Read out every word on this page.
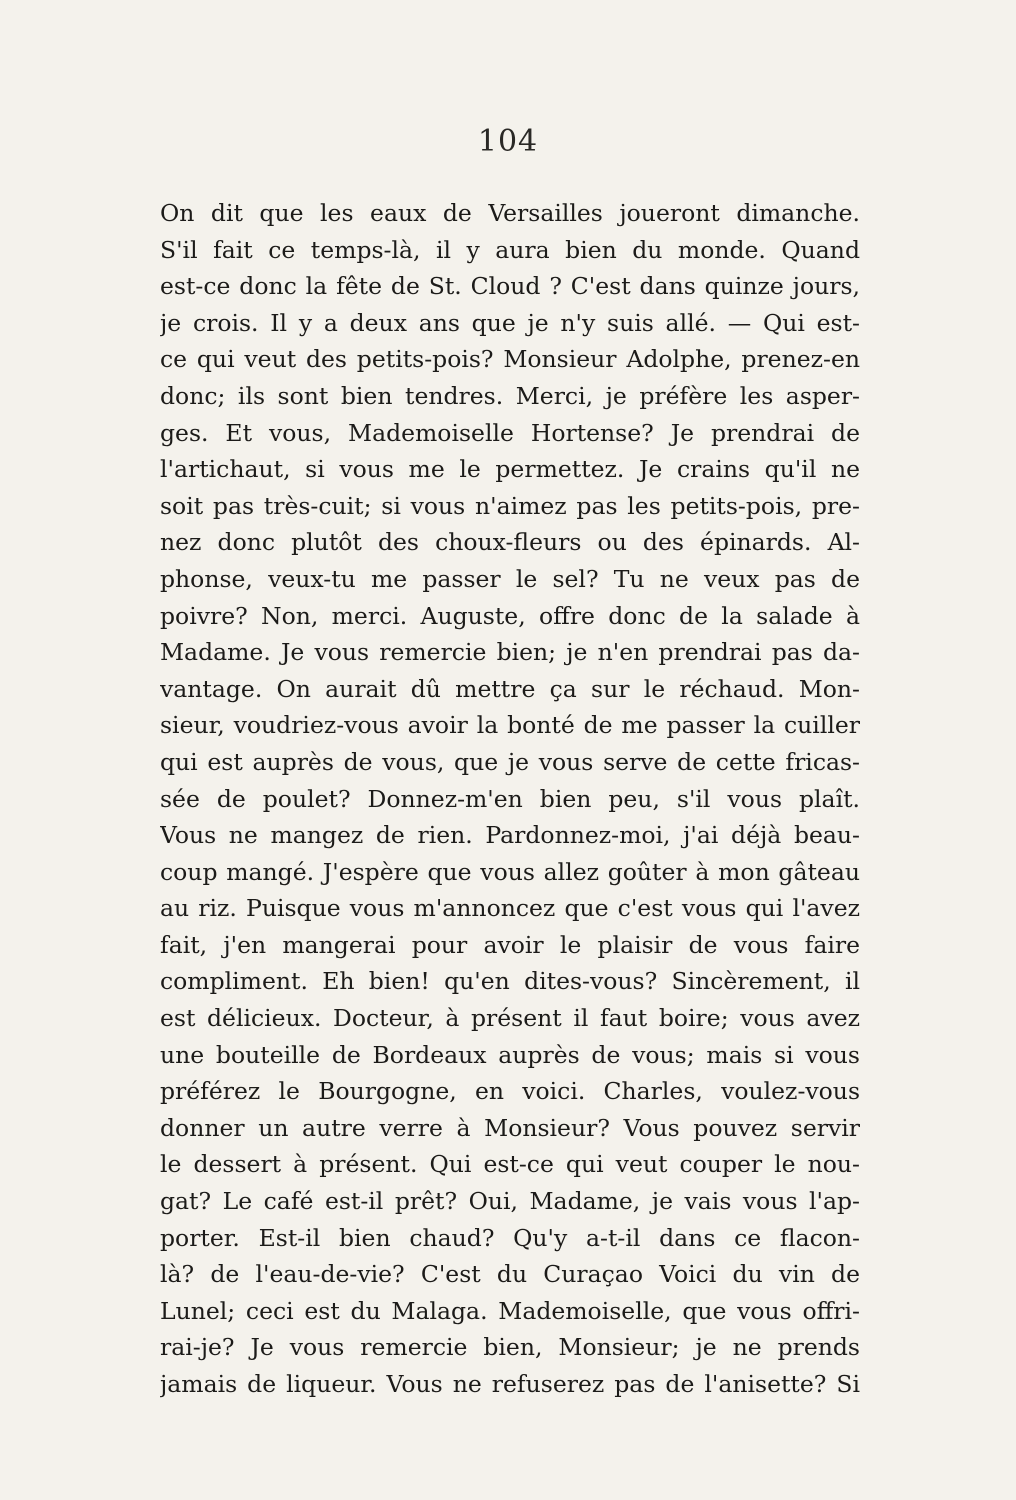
104
On dit que les eaux de Versailles joueront dimanche.
S'il fait ce temps-là, il y aura bien du monde. Quand
est-ce donc la fête de St. Cloud ? C'est dans quinze jours,
je crois. Il y a deux ans que je n'y suis allé. — Qui est-
ce qui veut des petits-pois? Monsieur Adolphe, prenez-en
donc; ils sont bien tendres. Merci, je préfère les asper-
ges. Et vous, Mademoiselle Hortense? Je prendrai de
l'artichaut, si vous me le permettez. Je crains qu'il ne
soit pas très-cuit; si vous n'aimez pas les petits-pois, pre-
nez donc plutôt des choux-fleurs ou des épinards. Al-
phonse, veux-tu me passer le sel? Tu ne veux pas de
poivre? Non, merci. Auguste, offre donc de la salade à
Madame. Je vous remercie bien; je n'en prendrai pas da-
vantage. On aurait dû mettre ça sur le réchaud. Mon-
sieur, voudriez-vous avoir la bonté de me passer la cuiller
qui est auprès de vous, que je vous serve de cette fricas-
sée de poulet? Donnez-m'en bien peu, s'il vous plaît.
Vous ne mangez de rien. Pardonnez-moi, j'ai déjà beau-
coup mangé. J'espère que vous allez goûter à mon gâteau
au riz. Puisque vous m'annoncez que c'est vous qui l'avez
fait, j'en mangerai pour avoir le plaisir de vous faire
compliment. Eh bien! qu'en dites-vous? Sincèrement, il
est délicieux. Docteur, à présent il faut boire; vous avez
une bouteille de Bordeaux auprès de vous; mais si vous
préférez le Bourgogne, en voici. Charles, voulez-vous
donner un autre verre à Monsieur? Vous pouvez servir
le dessert à présent. Qui est-ce qui veut couper le nou-
gat? Le café est-il prêt? Oui, Madame, je vais vous l'ap-
porter. Est-il bien chaud? Qu'y a-t-il dans ce flacon-
là? de l'eau-de-vie? C'est du Curaçao Voici du vin de
Lunel; ceci est du Malaga. Mademoiselle, que vous offri-
rai-je? Je vous remercie bien, Monsieur; je ne prends
jamais de liqueur. Vous ne refuserez pas de l'anisette? Si
